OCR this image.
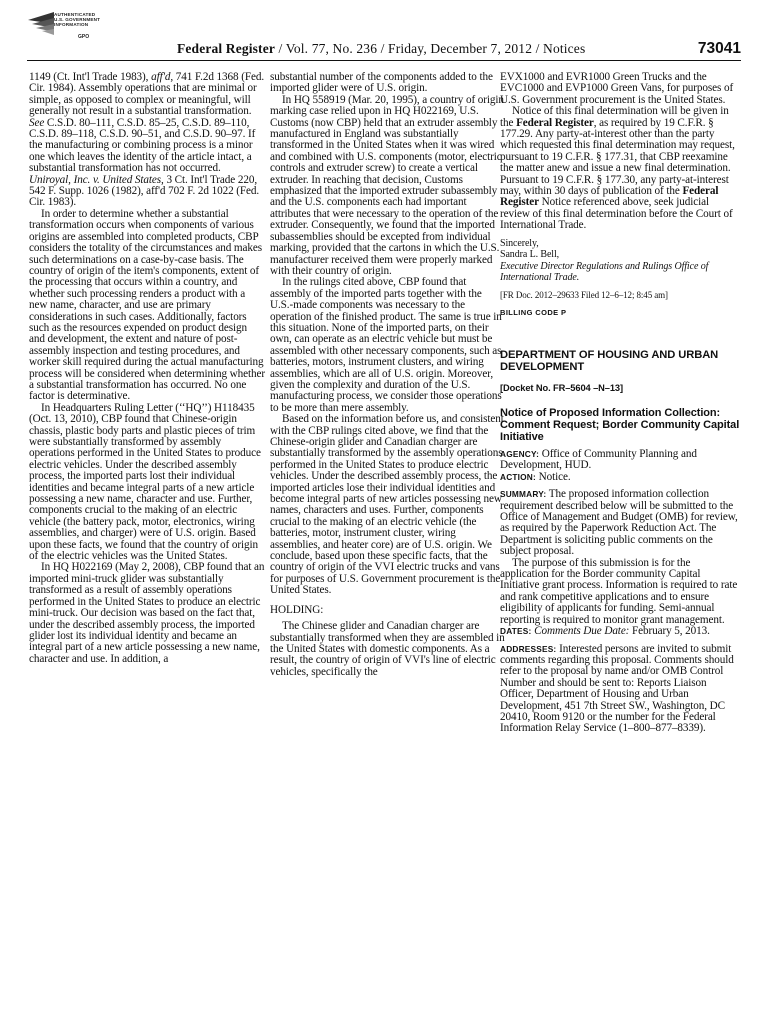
AUTHENTICATED
U.S. GOVERNMENT
INFORMATION
GPO
Federal Register / Vol. 77, No. 236 / Friday, December 7, 2012 / Notices	73041

1149 (Ct. Int'l Trade 1983), aff'd, 741 F.2d 1368 (Fed. Cir. 1984). Assembly operations that are minimal or simple, as opposed to complex or meaningful, will generally not result in a substantial transformation. See C.S.D. 80–111, C.S.D. 85–25, C.S.D. 89–110, C.S.D. 89–118, C.S.D. 90–51, and C.S.D. 90–97. If the manufacturing or combining process is a minor one which leaves the identity of the article intact, a substantial transformation has not occurred. Uniroyal, Inc. v. United States, 3 Ct. Int'l Trade 220, 542 F. Supp. 1026 (1982), aff'd 702 F. 2d 1022 (Fed. Cir. 1983).

In order to determine whether a substantial transformation occurs when components of various origins are assembled into completed products, CBP considers the totality of the circumstances and makes such determinations on a case-by-case basis. The country of origin of the item's components, extent of the processing that occurs within a country, and whether such processing renders a product with a new name, character, and use are primary considerations in such cases. Additionally, factors such as the resources expended on product design and development, the extent and nature of post-assembly inspection and testing procedures, and worker skill required during the actual manufacturing process will be considered when determining whether a substantial transformation has occurred. No one factor is determinative.

In Headquarters Ruling Letter (‘‘HQ’’) H118435 (Oct. 13, 2010), CBP found that Chinese-origin chassis, plastic body parts and plastic pieces of trim were substantially transformed by assembly operations performed in the United States to produce electric vehicles. Under the described assembly process, the imported parts lost their individual identities and became integral parts of a new article possessing a new name, character and use. Further, components crucial to the making of an electric vehicle (the battery pack, motor, electronics, wiring assemblies, and charger) were of U.S. origin. Based upon these facts, we found that the country of origin of the electric vehicles was the United States.

In HQ H022169 (May 2, 2008), CBP found that an imported mini-truck glider was substantially transformed as a result of assembly operations performed in the United States to produce an electric mini-truck. Our decision was based on the fact that, under the described assembly process, the imported glider lost its individual identity and became an integral part of a new article possessing a new name, character and use. In addition, a

substantial number of the components added to the imported glider were of U.S. origin.

In HQ 558919 (Mar. 20, 1995), a country of origin marking case relied upon in HQ H022169, U.S. Customs (now CBP) held that an extruder assembly manufactured in England was substantially transformed in the United States when it was wired and combined with U.S. components (motor, electric controls and extruder screw) to create a vertical extruder. In reaching that decision, Customs emphasized that the imported extruder subassembly and the U.S. components each had important attributes that were necessary to the operation of the extruder. Consequently, we found that the imported subassemblies should be excepted from individual marking, provided that the cartons in which the U.S. manufacturer received them were properly marked with their country of origin.

In the rulings cited above, CBP found that assembly of the imported parts together with the U.S.-made components was necessary to the operation of the finished product. The same is true in this situation. None of the imported parts, on their own, can operate as an electric vehicle but must be assembled with other necessary components, such as batteries, motors, instrument clusters, and wiring assemblies, which are all of U.S. origin. Moreover, given the complexity and duration of the U.S. manufacturing process, we consider those operations to be more than mere assembly.

Based on the information before us, and consistent with the CBP rulings cited above, we find that the Chinese-origin glider and Canadian charger are substantially transformed by the assembly operations performed in the United States to produce electric vehicles. Under the described assembly process, the imported articles lose their individual identities and become integral parts of new articles possessing new names, characters and uses. Further, components crucial to the making of an electric vehicle (the batteries, motor, instrument cluster, wiring assemblies, and heater core) are of U.S. origin. We conclude, based upon these specific facts, that the country of origin of the VVI electric trucks and vans for purposes of U.S. Government procurement is the United States.

HOLDING:

The Chinese glider and Canadian charger are substantially transformed when they are assembled in the United States with domestic components. As a result, the country of origin of VVI's line of electric vehicles, specifically the

EVX1000 and EVR1000 Green Trucks and the EVC1000 and EVP1000 Green Vans, for purposes of U.S. Government procurement is the United States.

Notice of this final determination will be given in the Federal Register, as required by 19 C.F.R. § 177.29. Any party-at-interest other than the party which requested this final determination may request, pursuant to 19 C.F.R. § 177.31, that CBP reexamine the matter anew and issue a new final determination. Pursuant to 19 C.F.R. § 177.30, any party-at-interest may, within 30 days of publication of the Federal Register Notice referenced above, seek judicial review of this final determination before the Court of International Trade.

Sincerely,

Sandra L. Bell,

Executive Director Regulations and Rulings Office of International Trade.

[FR Doc. 2012–29633 Filed 12–6–12; 8:45 am]

BILLING CODE P

DEPARTMENT OF HOUSING AND URBAN DEVELOPMENT

[Docket No. FR–5604 –N–13]

Notice of Proposed Information Collection: Comment Request; Border Community Capital Initiative

AGENCY: Office of Community Planning and Development, HUD.

ACTION: Notice.

SUMMARY: The proposed information collection requirement described below will be submitted to the Office of Management and Budget (OMB) for review, as required by the Paperwork Reduction Act. The Department is soliciting public comments on the subject proposal.

The purpose of this submission is for the application for the Border community Capital Initiative grant process. Information is required to rate and rank competitive applications and to ensure eligibility of applicants for funding. Semi-annual reporting is required to monitor grant management.

DATES: Comments Due Date: February 5, 2013.

ADDRESSES: Interested persons are invited to submit comments regarding this proposal. Comments should refer to the proposal by name and/or OMB Control Number and should be sent to: Reports Liaison Officer, Department of Housing and Urban Development, 451 7th Street SW., Washington, DC 20410, Room 9120 or the number for the Federal Information Relay Service (1–800–877–8339).
